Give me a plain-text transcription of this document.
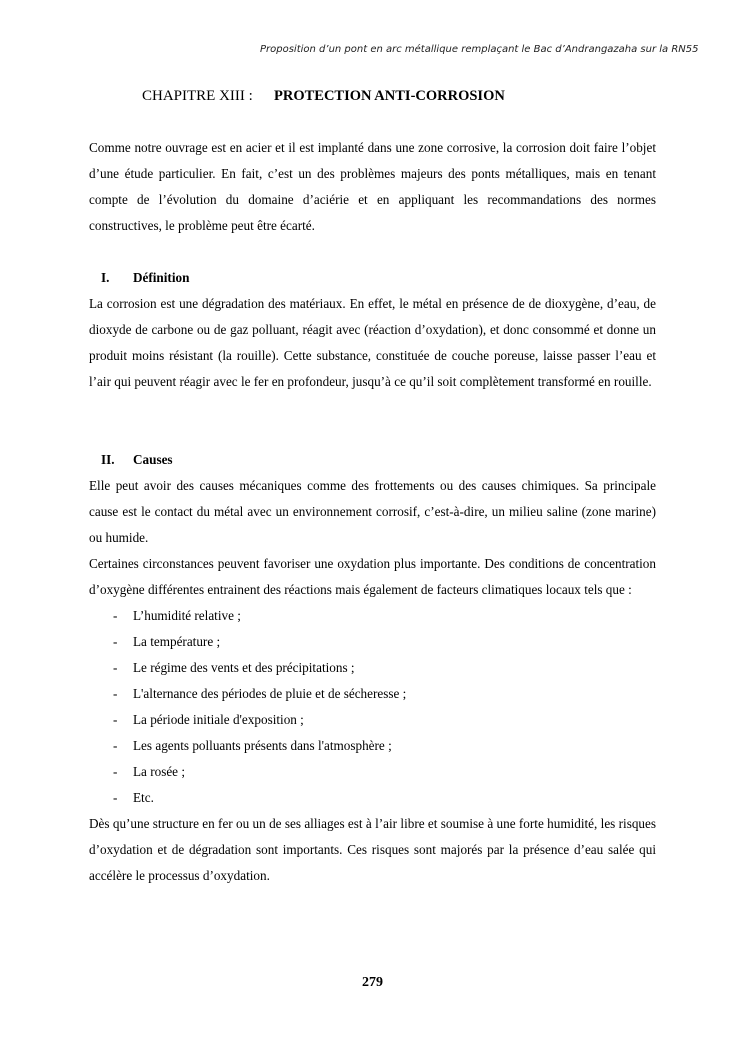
Proposition d’un pont en arc métallique remplaçant le Bac d’Andrangazaha sur la RN55
CHAPITRE XIII : PROTECTION ANTI-CORROSION

Comme notre ouvrage est en acier et il est implanté dans une zone corrosive, la corrosion doit faire l’objet d’une étude particulier. En fait, c’est un des problèmes majeurs des ponts métalliques, mais en tenant compte de l’évolution du domaine d’aciérie et en appliquant les recommandations des normes constructives, le problème peut être écarté.

I. Définition

La corrosion est une dégradation des matériaux. En effet, le métal en présence de de dioxygène, d’eau, de dioxyde de carbone ou de gaz polluant, réagit avec (réaction d’oxydation), et donc consommé et donne un produit moins résistant (la rouille). Cette substance, constituée de couche poreuse, laisse passer l’eau et l’air qui peuvent réagir avec le fer en profondeur, jusqu’à ce qu’il soit complètement transformé en rouille.

II. Causes

Elle peut avoir des causes mécaniques comme des frottements ou des causes chimiques. Sa principale cause est le contact du métal avec un environnement corrosif, c’est-à-dire, un milieu saline (zone marine) ou humide.

Certaines circonstances peuvent favoriser une oxydation plus importante. Des conditions de concentration d’oxygène différentes entrainent des réactions mais également de facteurs climatiques locaux tels que :

- L’humidité relative ;
- La température ;
- Le régime des vents et des précipitations ;
- L'alternance des périodes de pluie et de sécheresse ;
- La période initiale d'exposition ;
- Les agents polluants présents dans l'atmosphère ;
- La rosée ;
- Etc.

Dès qu’une structure en fer ou un de ses alliages est à l’air libre et soumise à une forte humidité, les risques d’oxydation et de dégradation sont importants. Ces risques sont majorés par la présence d’eau salée qui accélère le processus d’oxydation.

279
